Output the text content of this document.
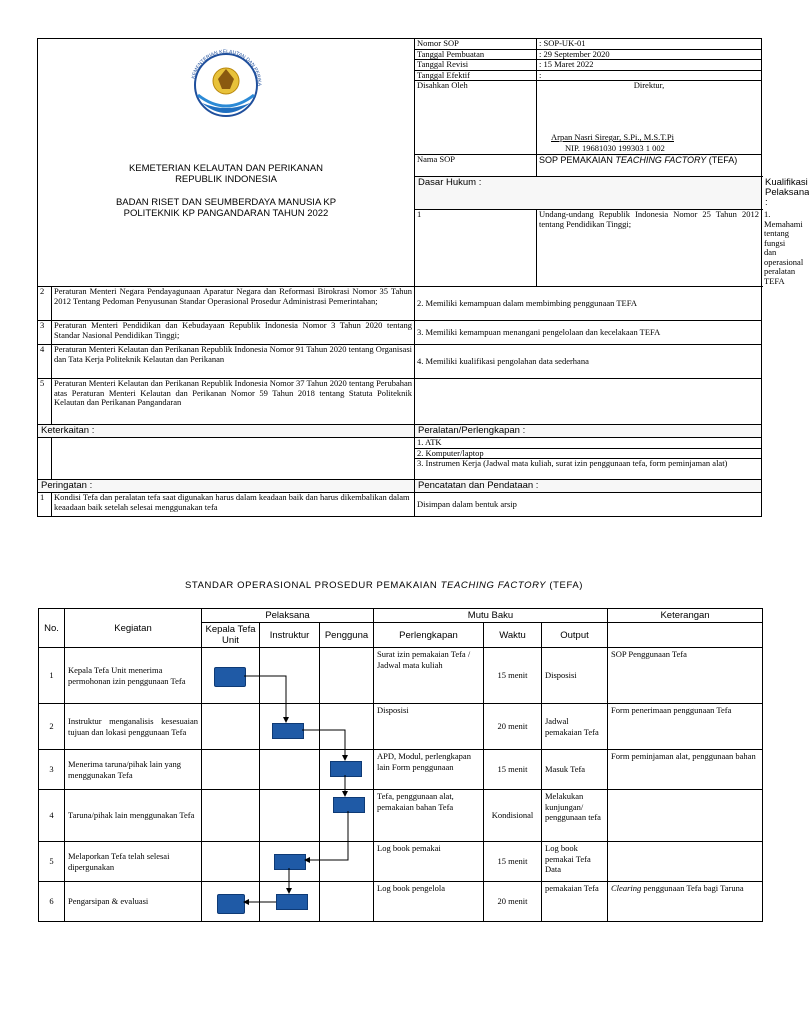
KEMETERIAN KELAUTAN DAN PERIKANAN
REPUBLIK INDONESIA
BADAN RISET DAN SEUMBERDAYA MANUSIA KP
POLITEKNIK KP PANGANDARAN TAHUN 2022		Nomor SOP	: SOP-UK-01	
		Tanggal Pembuatan	: 29 September 2020	
		Tanggal Revisi	: 15 Maret 2022	
		Tanggal Efektif	:	
		Disahkan Oleh	Direktur,
Arpan Nasri Siregar, S.Pi., M.S.T.Pi
NIP. 19681030 199303 1 002	

		Nama SOP	SOP PEMAKAIAN TEACHING FACTORY (TEFA)	
		Dasar Hukum :		Kualifikasi Pelaksana :
		1	Undang-undang Republik Indonesia Nomor 25 Tahun 2012 tentang Pendidikan Tinggi;	1. Memahami tentang fungsi dan operasional peralatan TEFA
2	Peraturan Menteri Negara Pendayagunaan Aparatur Negara dan Reformasi Birokrasi Nomor 35 Tahun 2012 Tentang Pedoman Penyusunan Standar Operasional Prosedur Administrasi Pemerintahan;	2. Memiliki kemampuan dalam membimbing penggunaan TEFA		
3	Peraturan Menteri Pendidikan dan Kebudayaan Republik Indonesia Nomor 3 Tahun 2020 tentang Standar Nasional Pendidikan Tinggi;	3. Memiliki kemampuan menangani pengelolaan dan kecelakaan TEFA		
4	Peraturan Menteri Kelautan dan Perikanan Republik Indonesia Nomor 91 Tahun 2020 tentang Organisasi dan Tata Kerja Politeknik Kelautan dan Perikanan	4. Memiliki kualifikasi pengolahan data sederhana		
5	Peraturan Menteri Kelautan dan Perikanan Republik Indonesia Nomor 37 Tahun 2020 tentang Perubahan atas Peraturan Menteri Kelautan dan Perikanan Nomor 59 Tahun 2018 tentang Statuta Politeknik Kelautan dan Perikanan Pangandaran			
Keterkaitan :		Peralatan/Perlengkapan :		

		1. ATK
2. Komputer/laptop
3. Instrumen Kerja (Jadwal mata kuliah, surat izin penggunaan tefa, form peminjaman alat)		

Peringatan :		Pencatatan dan Pendataan :		
1	Kondisi Tefa dan peralatan tefa saat digunakan harus dalam keadaan baik dan harus dikembalikan dalam keaadaan baik setelah selesai menggunakan tefa	Disimpan dalam bentuk arsip		
KEMENTERIAN KELAUTAN DAN PERIKA
STANDAR OPERASIONAL PROSEDUR PEMAKAIAN TEACHING FACTORY (TEFA)
No.	Kegiatan	Pelaksana			Mutu Baku			Keterangan
		Kepala Tefa Unit	Instruktur	Pengguna	Perlengkapan	Waktu	Output	
1	Kepala Tefa Unit menerima permohonan izin penggunaan Tefa				Surat izin pemakaian Tefa / Jadwal mata kuliah	15 menit	Disposisi	SOP Penggunaan Tefa
2	Instruktur menganalisis kesesuaian tujuan dan lokasi penggunaan Tefa				Disposisi	20 menit	Jadwal pemakaian Tefa	Form penerimaan penggunaan Tefa
3	Menerima taruna/pihak lain yang menggunakan Tefa				APD, Modul, perlengkapan lain Form penggunaan	15 menit	Masuk Tefa	Form peminjaman alat, penggunaan bahan
4	Taruna/pihak lain menggunakan Tefa				Tefa, penggunaan alat, pemakaian bahan Tefa	Kondisional	Melakukan kunjungan/ penggunaan tefa	
5	Melaporkan Tefa telah selesai dipergunakan				Log book pemakai	15 menit	Log book pemakai Tefa Data	
6	Pengarsipan & evaluasi				Log book pengelola	20 menit	pemakaian Tefa	Clearing penggunaan Tefa bagi Taruna
